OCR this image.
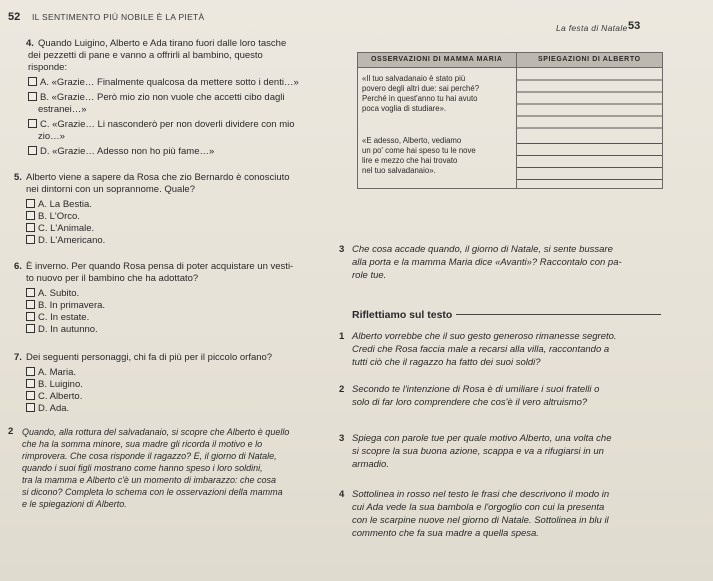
52 IL SENTIMENTO PIÙ NOBILE È LA PIETÀ
La festa di Natale 53
4. Quando Luigino, Alberto e Ada tirano fuori dalle loro tasche
dei pezzetti di pane e vanno a offrirli al bambino, questo
risponde:
A. «Grazie… Finalmente qualcosa da mettere sotto i denti…»
B. «Grazie… Però mio zio non vuole che accetti cibo dagli
estranei…»
C. «Grazie… Li nasconderò per non doverli dividere con mio
zio…»
D. «Grazie… Adesso non ho più fame…»
5. Alberto viene a sapere da Rosa che zio Bernardo è conosciuto
nei dintorni con un soprannome. Quale?
A. La Bestia.
B. L'Orco.
C. L'Animale.
D. L'Americano.
6. È inverno. Per quando Rosa pensa di poter acquistare un vesti-
to nuovo per il bambino che ha adottato?
A. Subito.
B. In primavera.
C. In estate.
D. In autunno.
7. Dei seguenti personaggi, chi fa di più per il piccolo orfano?
A. Maria.
B. Luigino.
C. Alberto.
D. Ada.
2 Quando, alla rottura del salvadanaio, si scopre che Alberto è quello
che ha la somma minore, sua madre gli ricorda il motivo e lo
rimprovera. Che cosa risponde il ragazzo? E, il giorno di Natale,
quando i suoi figli mostrano come hanno speso i loro soldini,
tra la mamma e Alberto c'è un momento di imbarazzo: che cosa
si dicono? Completa lo schema con le osservazioni della mamma
e le spiegazioni di Alberto.
OSSERVAZIONI DI MAMMA MARIA	SPIEGAZIONI DI ALBERTO

«Il tuo salvadanaio è stato più
povero degli altri due: sai perché?
Perché in quest'anno tu hai avuto
poca voglia di studiare».	

«E adesso, Alberto, vediamo
un po' come hai speso tu le nove
lire e mezzo che hai trovato
nel tuo salvadanaio».	

3 Che cosa accade quando, il giorno di Natale, si sente bussare
alla porta e la mamma Maria dice «Avanti»? Raccontalo con pa-
role tue.
Riflettiamo sul testo
1 Alberto vorrebbe che il suo gesto generoso rimanesse segreto.
Credi che Rosa faccia male a recarsi alla villa, raccontando a
tutti ciò che il ragazzo ha fatto dei suoi soldi?
2 Secondo te l'intenzione di Rosa è di umiliare i suoi fratelli o
solo di far loro comprendere che cos'è il vero altruismo?
3 Spiega con parole tue per quale motivo Alberto, una volta che
si scopre la sua buona azione, scappa e va a rifugiarsi in un
armadio.
4 Sottolinea in rosso nel testo le frasi che descrivono il modo in
cui Ada vede la sua bambola e l'orgoglio con cui la presenta
con le scarpine nuove nel giorno di Natale. Sottolinea in blu il
commento che fa sua madre a quella spesa.
